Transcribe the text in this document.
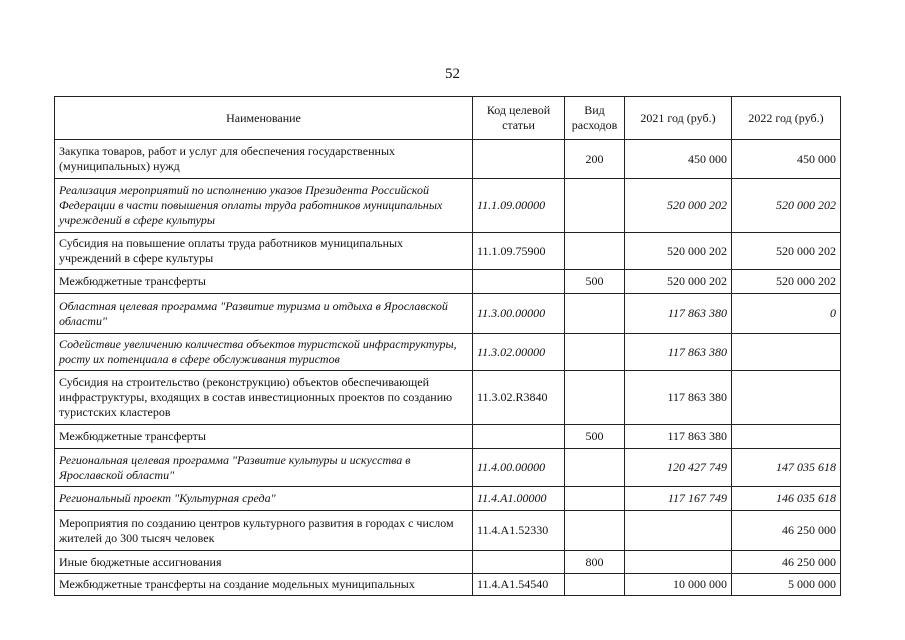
52
Наименование	Код целевой статьи	Вид расходов	2021 год (руб.)	2022 год (руб.)
Закупка товаров, работ и услуг для обеспечения государственных (муниципальных) нужд		200	450 000	450 000
Реализация мероприятий по исполнению указов Президента Российской Федерации в части повышения оплаты труда работников муниципальных учреждений в сфере культуры	11.1.09.00000		520 000 202	520 000 202
Субсидия на повышение оплаты труда работников муниципальных учреждений в сфере культуры	11.1.09.75900		520 000 202	520 000 202
Межбюджетные трансферты		500	520 000 202	520 000 202
Областная целевая программа "Развитие туризма и отдыха в Ярославской области"	11.3.00.00000		117 863 380	0
Содействие увеличению количества объектов туристской инфраструктуры, росту их потенциала в сфере обслуживания туристов	11.3.02.00000		117 863 380	
Субсидия на строительство (реконструкцию) объектов обеспечивающей инфраструктуры, входящих в состав инвестиционных проектов по созданию туристских кластеров	11.3.02.R3840		117 863 380	
Межбюджетные трансферты		500	117 863 380	
Региональная целевая программа "Развитие культуры и искусства в Ярославской области"	11.4.00.00000		120 427 749	147 035 618
Региональный проект "Культурная среда"	11.4.A1.00000		117 167 749	146 035 618
Мероприятия по созданию центров культурного развития в городах с числом жителей до 300 тысяч человек	11.4.A1.52330			46 250 000
Иные бюджетные ассигнования		800		46 250 000
Межбюджетные трансферты на создание модельных муниципальных	11.4.A1.54540		10 000 000	5 000 000
